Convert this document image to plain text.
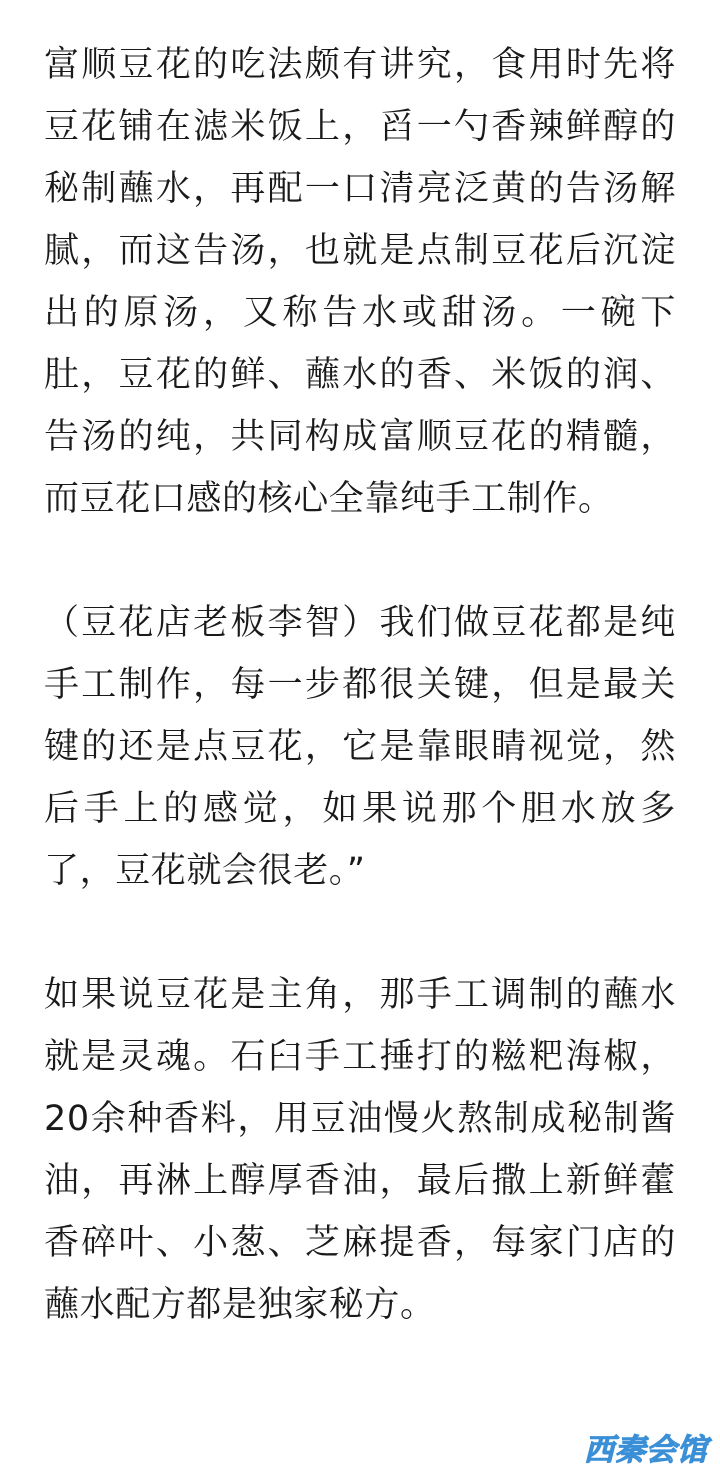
富顺豆花的吃法颇有讲究，食用时先将豆花铺在滤米饭上，舀一勺香辣鲜醇的秘制蘸水，再配一口清亮泛黄的告汤解腻，而这告汤，也就是点制豆花后沉淀出的原汤，又称告水或甜汤。一碗下肚，豆花的鲜、蘸水的香、米饭的润、告汤的纯，共同构成富顺豆花的精髓，而豆花口感的核心全靠纯手工制作。

（豆花店老板李智）我们做豆花都是纯手工制作，每一步都很关键，但是最关键的还是点豆花，它是靠眼睛视觉，然后手上的感觉，如果说那个胆水放多了，豆花就会很老。”

如果说豆花是主角，那手工调制的蘸水就是灵魂。石臼手工捶打的糍粑海椒，20余种香料，用豆油慢火熬制成秘制酱油，再淋上醇厚香油，最后撒上新鲜藿香碎叶、小葱、芝麻提香，每家门店的蘸水配方都是独家秘方。

西秦会馆
